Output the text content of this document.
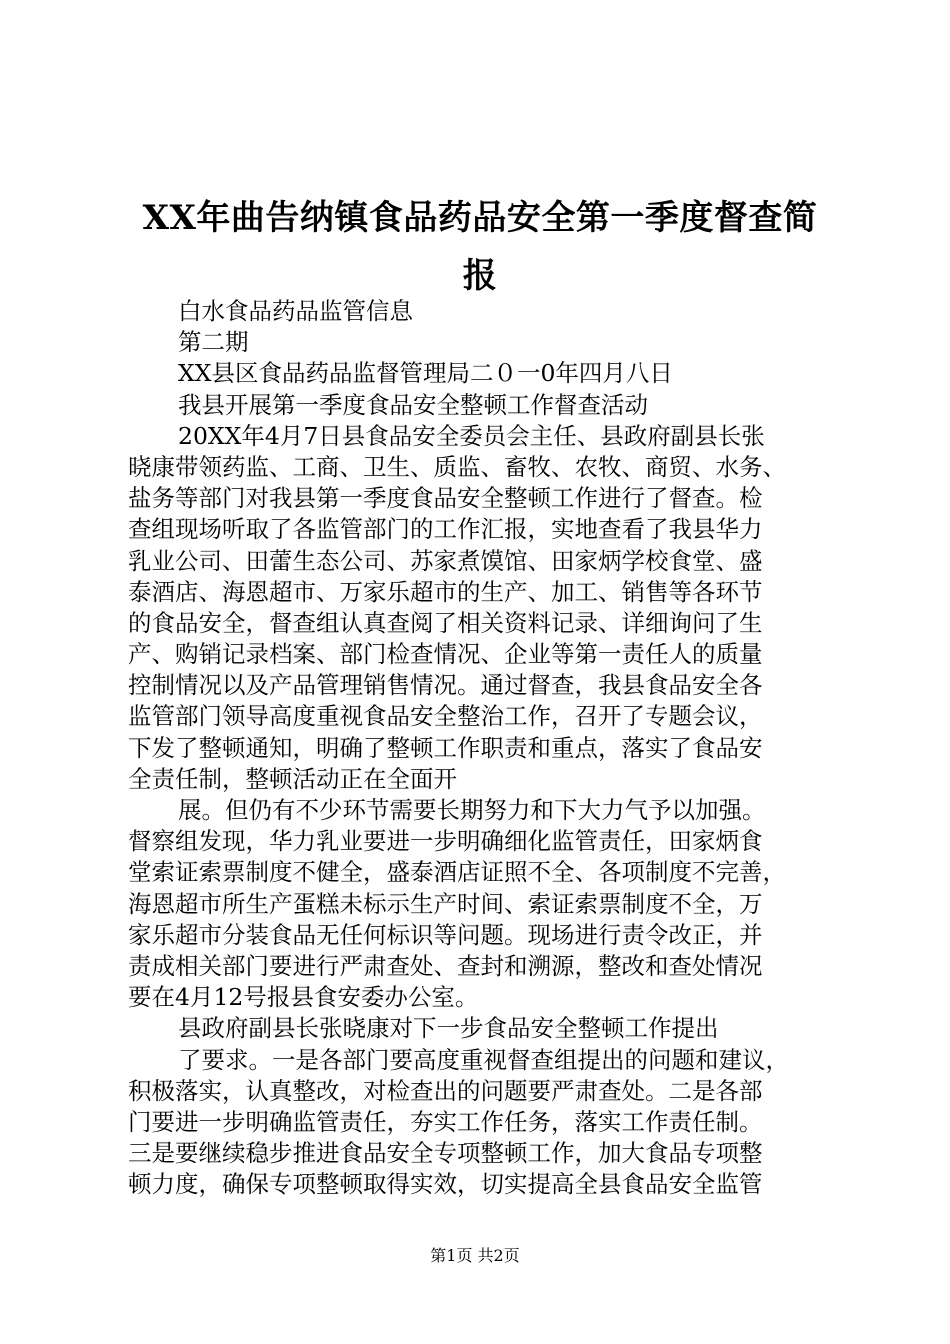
XX年曲告纳镇食品药品安全第一季度督查简
报
白水食品药品监管信息
第二期
XX县区食品药品监督管理局二０一0年四月八日
我县开展第一季度食品安全整顿工作督查活动
20XX年4月7日县食品安全委员会主任、县政府副县长张
晓康带领药监、工商、卫生、质监、畜牧、农牧、商贸、水务、
盐务等部门对我县第一季度食品安全整顿工作进行了督查。检
查组现场听取了各监管部门的工作汇报，实地查看了我县华力
乳业公司、田蕾生态公司、苏家煮馍馆、田家炳学校食堂、盛
泰酒店、海恩超市、万家乐超市的生产、加工、销售等各环节
的食品安全，督查组认真查阅了相关资料记录、详细询问了生
产、购销记录档案、部门检查情况、企业等第一责任人的质量
控制情况以及产品管理销售情况。通过督查，我县食品安全各
监管部门领导高度重视食品安全整治工作，召开了专题会议，
下发了整顿通知，明确了整顿工作职责和重点，落实了食品安
全责任制，整顿活动正在全面开
展。但仍有不少环节需要长期努力和下大力气予以加强。
督察组发现，华力乳业要进一步明确细化监管责任，田家炳食
堂索证索票制度不健全，盛泰酒店证照不全、各项制度不完善，
海恩超市所生产蛋糕未标示生产时间、索证索票制度不全，万
家乐超市分装食品无任何标识等问题。现场进行责令改正，并
责成相关部门要进行严肃查处、查封和溯源，整改和查处情况
要在4月12号报县食安委办公室。
县政府副县长张晓康对下一步食品安全整顿工作提出
了要求。一是各部门要高度重视督查组提出的问题和建议，
积极落实，认真整改，对检查出的问题要严肃查处。二是各部
门要进一步明确监管责任，夯实工作任务，落实工作责任制。
三是要继续稳步推进食品安全专项整顿工作，加大食品专项整
顿力度，确保专项整顿取得实效，切实提高全县食品安全监管
第1页 共2页
